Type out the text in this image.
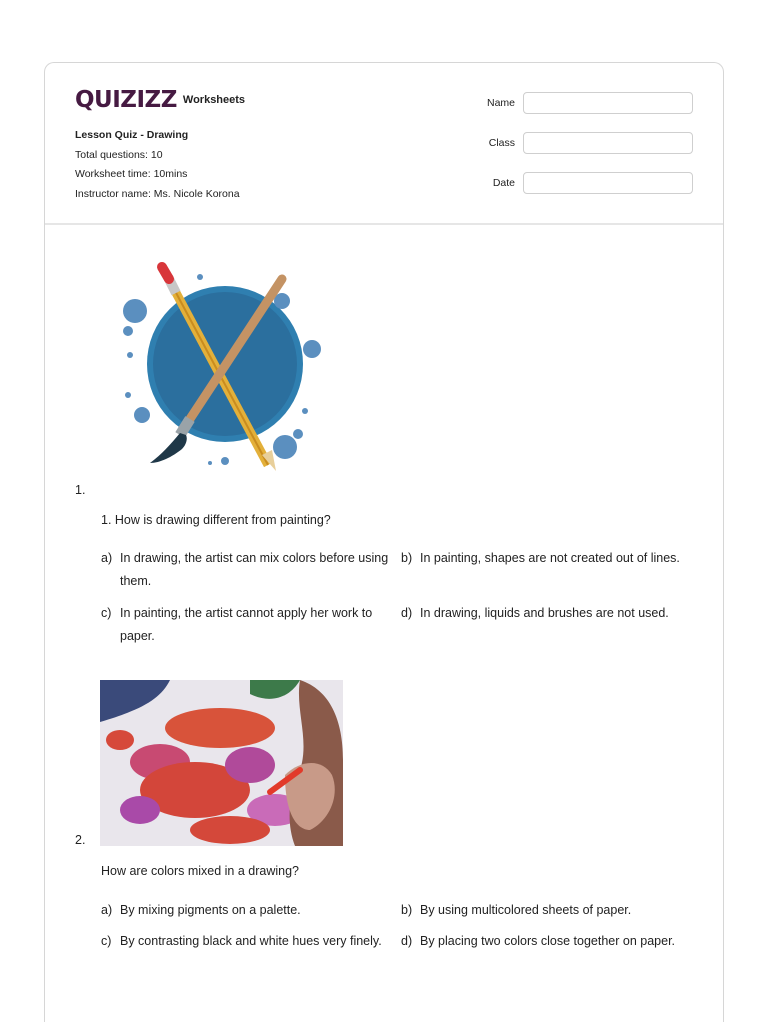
QUIZIZZ Worksheets
Lesson Quiz - Drawing
Total questions: 10
Worksheet time: 10mins
Instructor name: Ms. Nicole Korona
Name
Class
Date
1.
1. How is drawing different from painting?
a) In drawing, the artist can mix colors before using them.
b) In painting, shapes are not created out of lines.
c) In painting, the artist cannot apply her work to paper.
d) In drawing, liquids and brushes are not used.
2.
How are colors mixed in a drawing?
a) By mixing pigments on a palette.	b) By using multicolored sheets of paper.
c) By contrasting black and white hues very finely. d) By placing two colors close together on paper.
